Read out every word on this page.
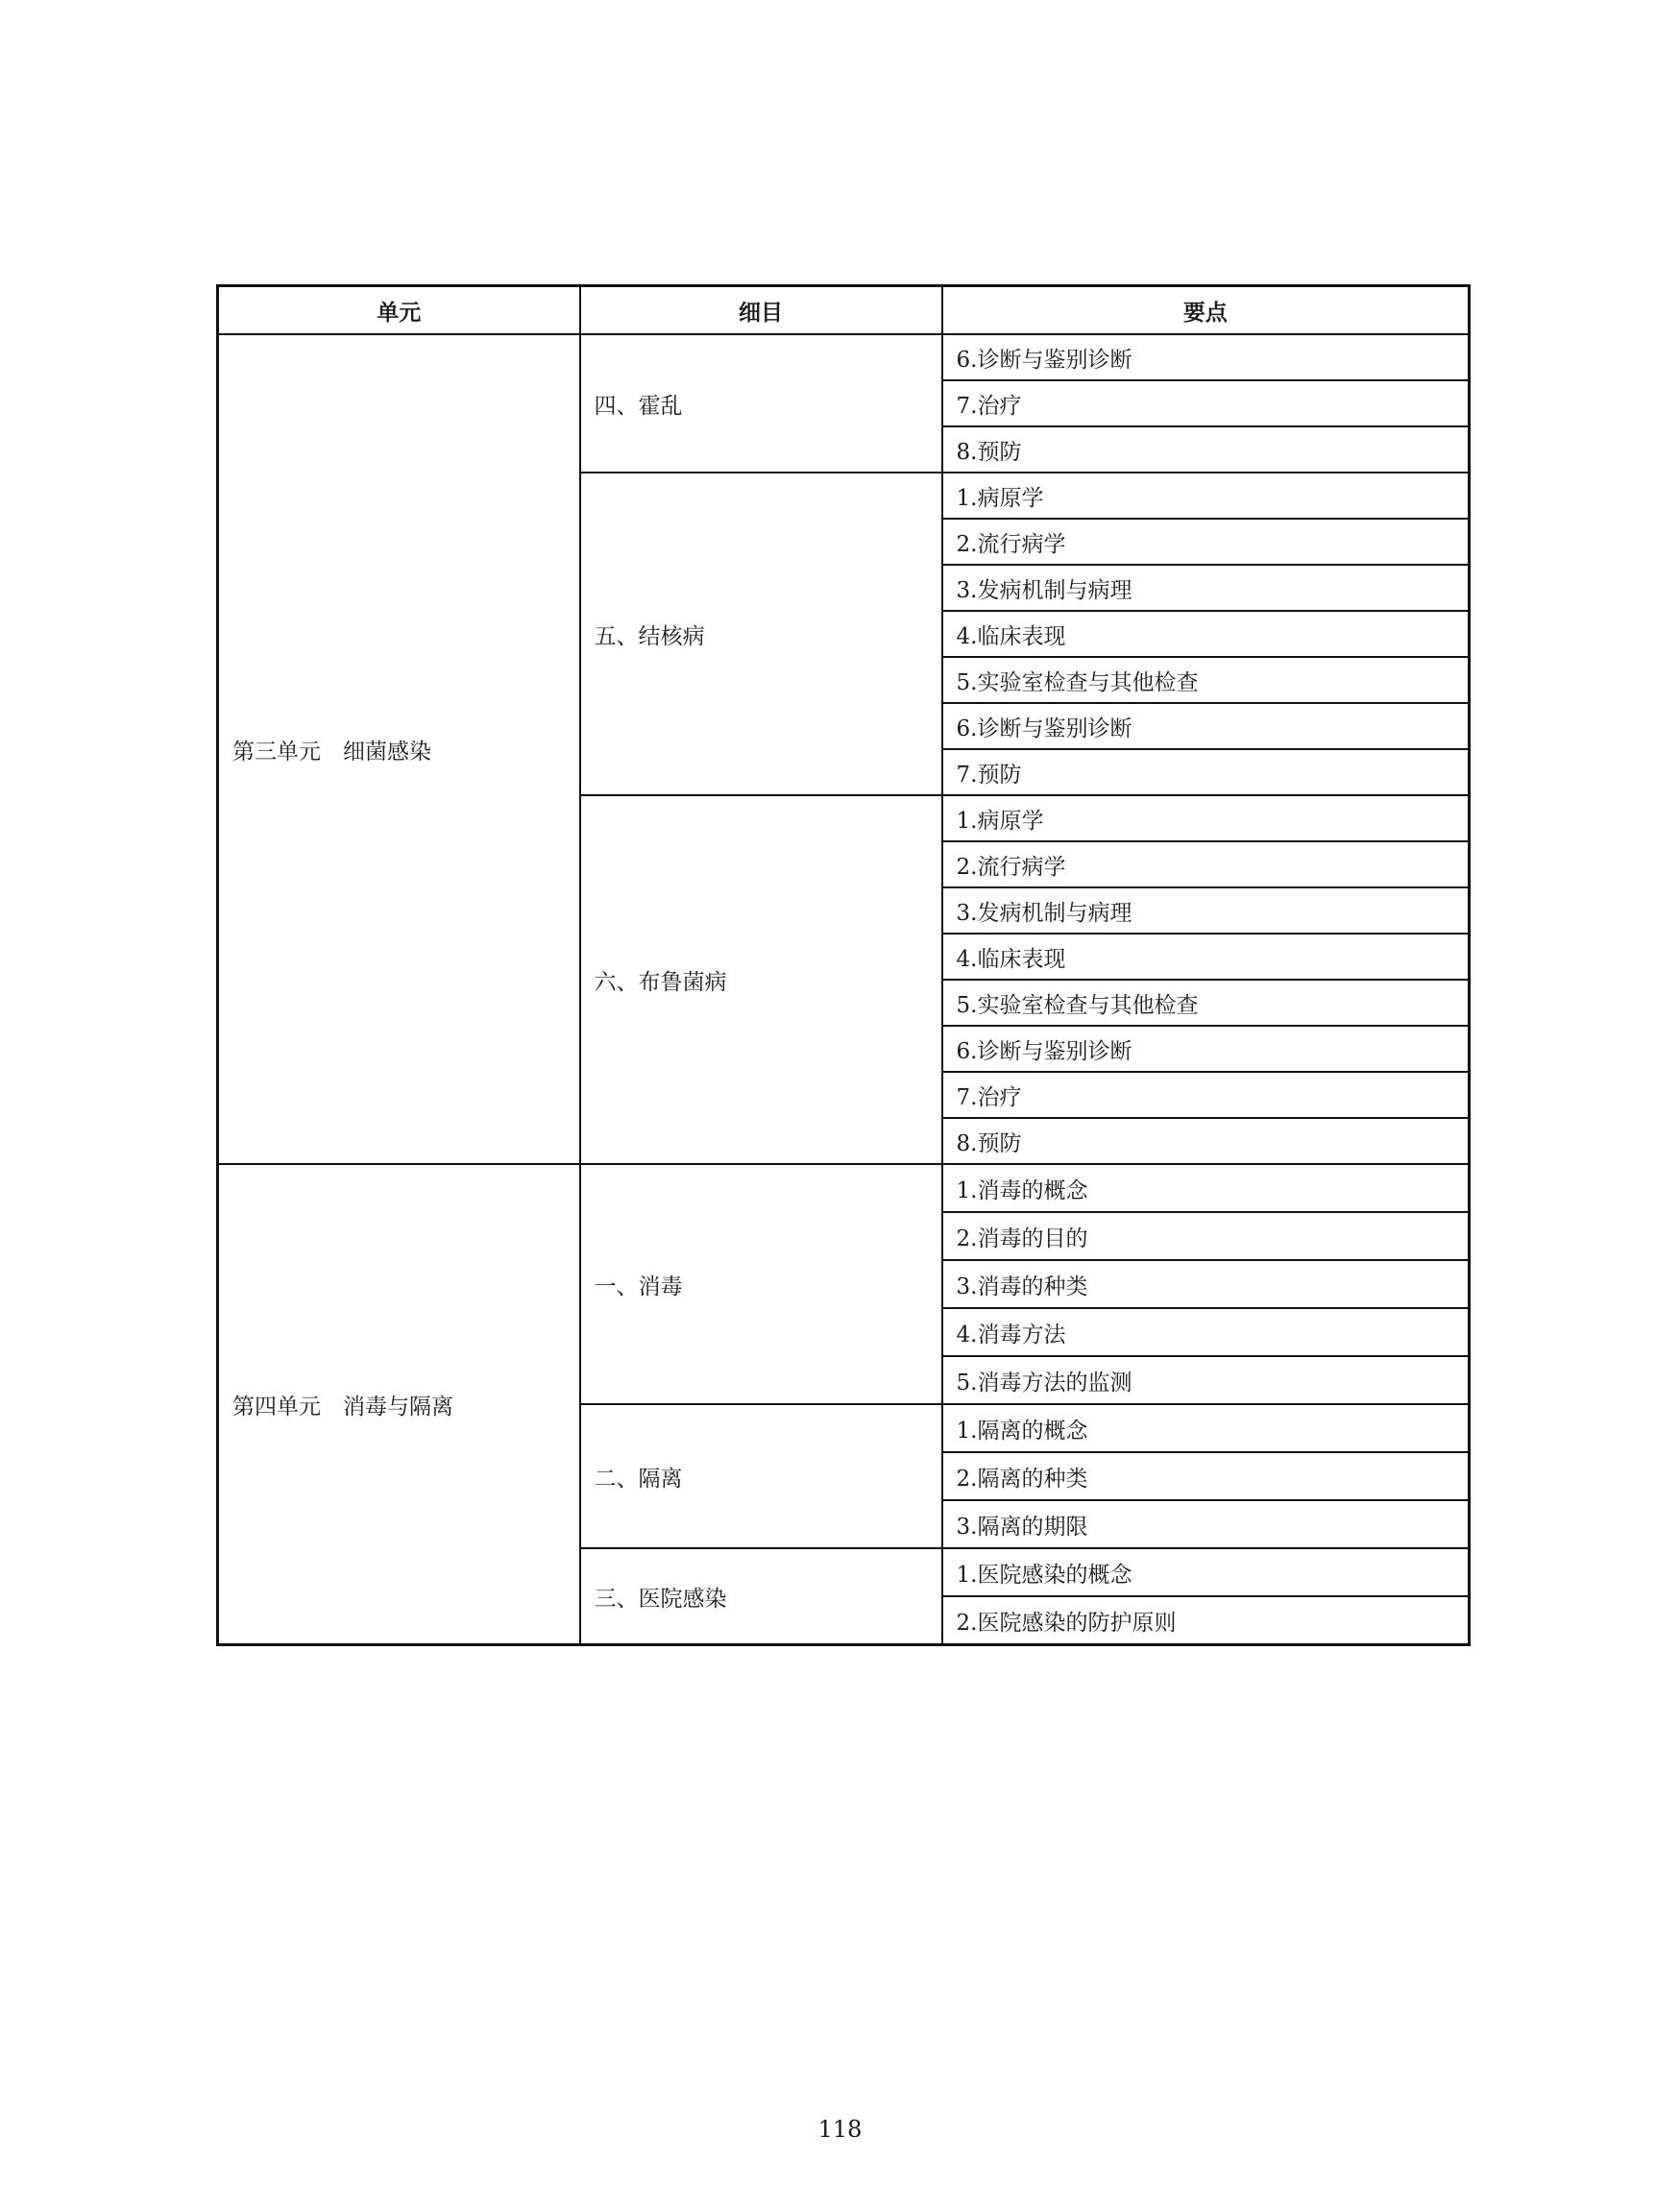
单元	细目	要点
第三单元　细菌感染	四、霍乱	6.诊断与鉴别诊断
		7.治疗
		8.预防
	五、结核病	1.病原学
		2.流行病学
		3.发病机制与病理
		4.临床表现
		5.实验室检查与其他检查
		6.诊断与鉴别诊断
		7.预防
	六、布鲁菌病	1.病原学
		2.流行病学
		3.发病机制与病理
		4.临床表现
		5.实验室检查与其他检查
		6.诊断与鉴别诊断
		7.治疗
		8.预防
第四单元　消毒与隔离	一、消毒	1.消毒的概念
		2.消毒的目的
		3.消毒的种类
		4.消毒方法
		5.消毒方法的监测
	二、隔离	1.隔离的概念
		2.隔离的种类
		3.隔离的期限
	三、医院感染	1.医院感染的概念
		2.医院感染的防护原则
118
